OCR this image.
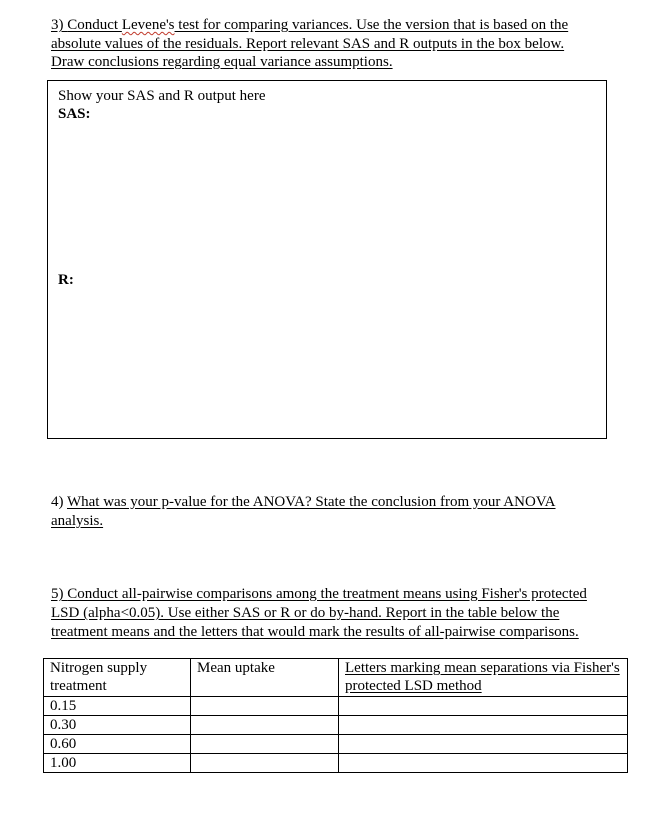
3) Conduct Levene's test for comparing variances. Use the version that is based on the

absolute values of the residuals. Report relevant SAS and R outputs in the box below.

Draw conclusions regarding equal variance assumptions.

Show your SAS and R output here
SAS:
R:

4) What was your p-value for the ANOVA? State the conclusion from your ANOVA

analysis.

5) Conduct all-pairwise comparisons among the treatment means using Fisher's protected

LSD (alpha<0.05). Use either SAS or R or do by-hand. Report in the table below the

treatment means and the letters that would mark the results of all-pairwise comparisons.

Nitrogen supply treatment	Mean uptake	Letters marking mean separations via Fisher's protected LSD method
0.15		
0.30		
0.60		
1.00		
